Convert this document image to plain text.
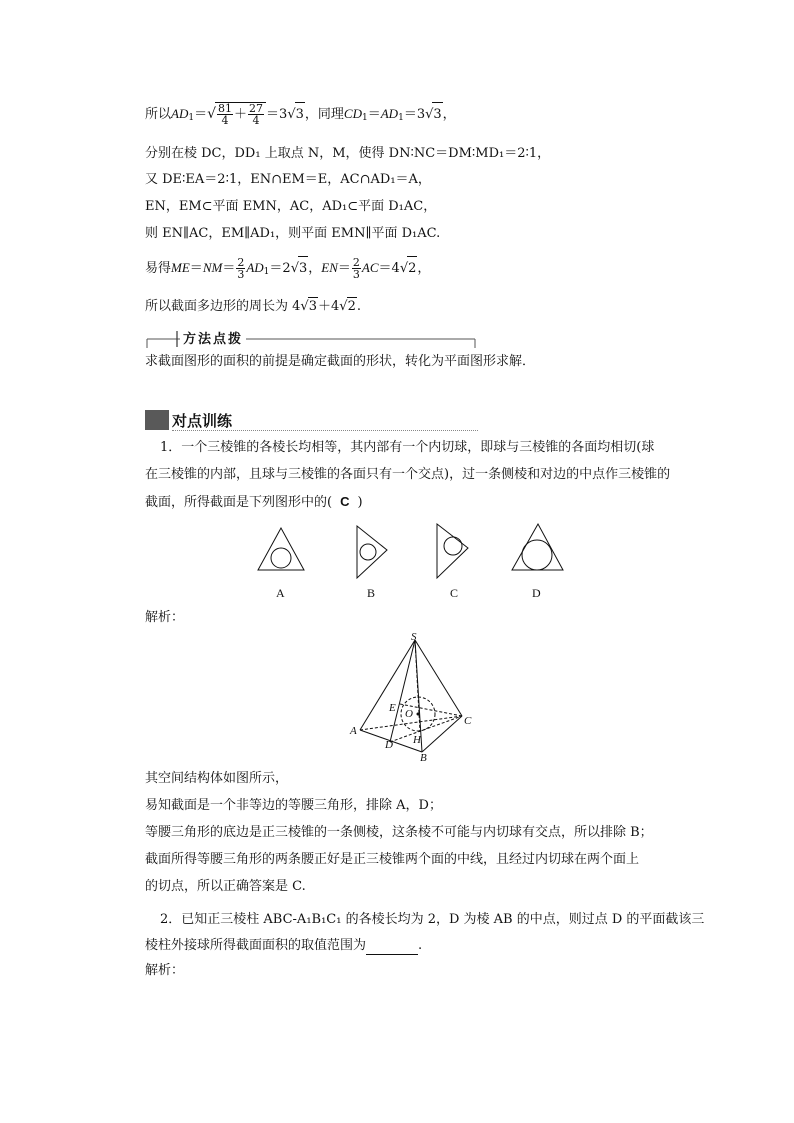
所以$AD_1=√ \frac{81}{4} + \frac{27}{4} =3√3$，同理$CD_1=AD_1=3√3$，
分别在棱 DC，DD₁ 上取点 N，M，使得 DN∶NC＝DM∶MD₁＝2∶1，
又 DE∶EA＝2∶1，EN∩EM＝E，AC∩AD₁＝A，
EN，EM⊂平面 EMN，AC，AD₁⊂平面 D₁AC，
则 EN∥AC，EM∥AD₁，则平面 EMN∥平面 D₁AC.
易得$ME=NM= \frac{2}{3} AD_1=2√3$，$EN= \frac{2}{3} AC=4√2$，
所以截面多边形的周长为 4√3＋4√2.
方法点拨
求截面图形的面积的前提是确定截面的形状，转化为平面图形求解．
对点训练
1．一个三棱锥的各棱长均相等，其内部有一个内切球，即球与三棱锥的各面均相切(球
在三棱锥的内部，且球与三棱锥的各面只有一个交点)，过一条侧棱和对边的中点作三棱锥的
截面，所得截面是下列图形中的( C )
A	B	C	D
解析：
S
A
B
C
D
E
H
O
其空间结构体如图所示，
易知截面是一个非等边的等腰三角形，排除 A，D；
等腰三角形的底边是正三棱锥的一条侧棱，这条棱不可能与内切球有交点，所以排除 B；
截面所得等腰三角形的两条腰正好是正三棱锥两个面的中线，且经过内切球在两个面上
的切点，所以正确答案是 C.
2．已知正三棱柱 ABC-A₁B₁C₁ 的各棱长均为 2，D 为棱 AB 的中点，则过点 D 的平面截该三
棱柱外接球所得截面面积的取值范围为	.
解析：
